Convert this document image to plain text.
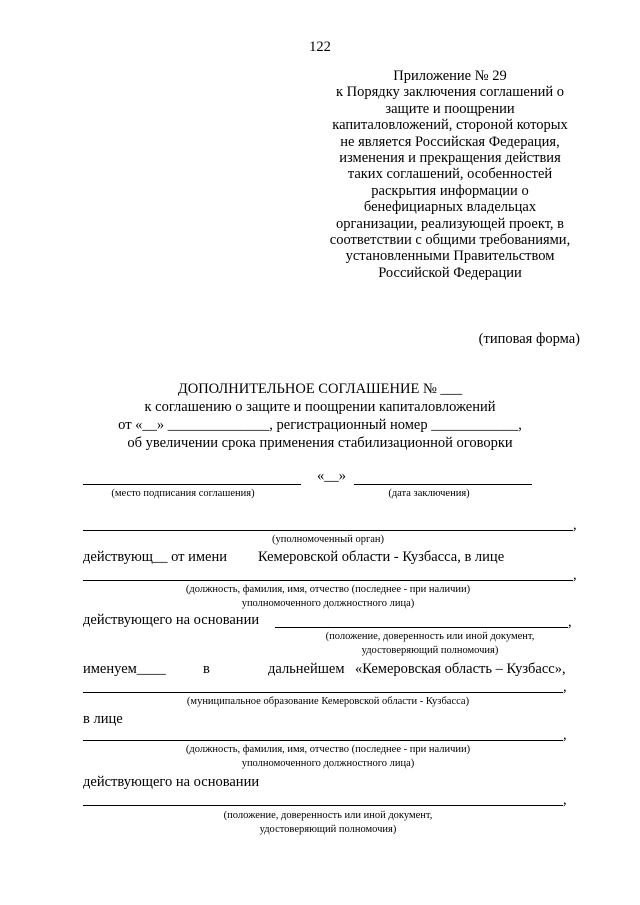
122
Приложение № 29
к Порядку заключения соглашений о
защите и поощрении
капиталовложений, стороной которых
не является Российская Федерация,
изменения и прекращения действия
таких соглашений, особенностей
раскрытия информации о
бенефициарных владельцах
организации, реализующей проект, в
соответствии с общими требованиями,
установленными Правительством
Российской Федерации
(типовая форма)
ДОПОЛНИТЕЛЬНОЕ СОГЛАШЕНИЕ № ___
к соглашению о защите и поощрении капиталовложений
от «__» ______________, регистрационный номер ____________,
об увеличении срока применения стабилизационной оговорки
«__»
(место подписания соглашения)	(дата заключения)
,
(уполномоченный орган)
действующ__ от имени Кемеровской области - Кузбасса, в лице
,
(должность, фамилия, имя, отчество (последнее - при наличии)
уполномоченного должностного лица)
действующего на основании	,
(положение, доверенность или иной документ,
удостоверяющий полномочия)
именуем____	в	дальнейшем «Кемеровская область – Кузбасс»,
,
(муниципальное образование Кемеровской области - Кузбасса)
в лице
,
(должность, фамилия, имя, отчество (последнее - при наличии)
уполномоченного должностного лица)
действующего на основании
,
(положение, доверенность или иной документ,
удостоверяющий полномочия)
